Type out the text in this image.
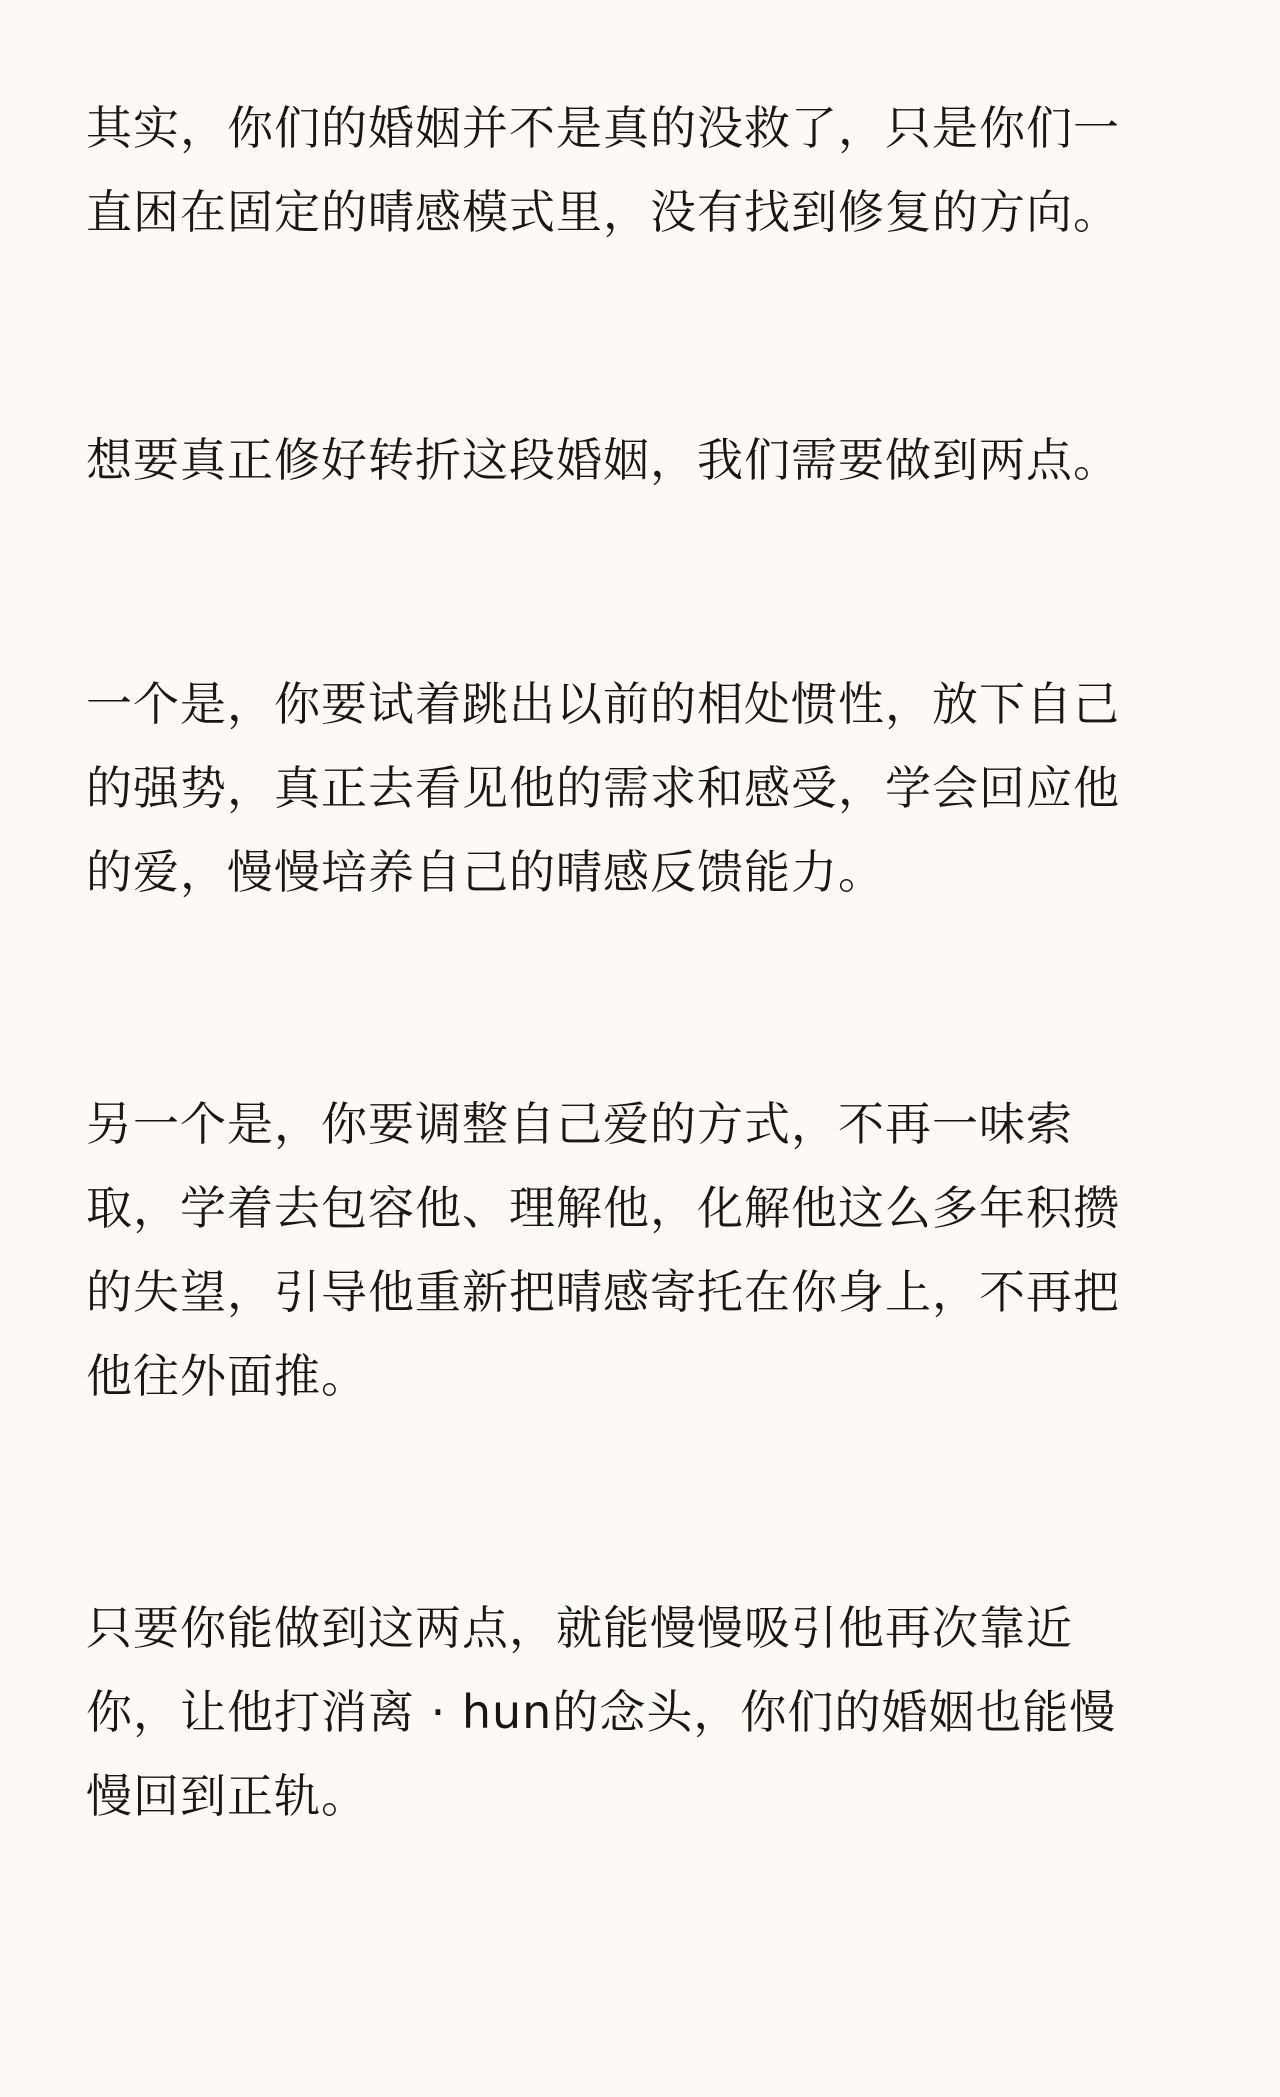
其实，你们的婚姻并不是真的没救了，只是你们一
直困在固定的晴感模式里，没有找到修复的方向。

想要真正修好转折这段婚姻，我们需要做到两点。

一个是，你要试着跳出以前的相处惯性，放下自己
的强势，真正去看见他的需求和感受，学会回应他
的爱，慢慢培养自己的晴感反馈能力。

另一个是，你要调整自己爱的方式，不再一味索
取，学着去包容他、理解他，化解他这么多年积攒
的失望，引导他重新把晴感寄托在你身上，不再把
他往外面推。

只要你能做到这两点，就能慢慢吸引他再次靠近
你，让他打消离 · hun的念头，你们的婚姻也能慢
慢回到正轨。
